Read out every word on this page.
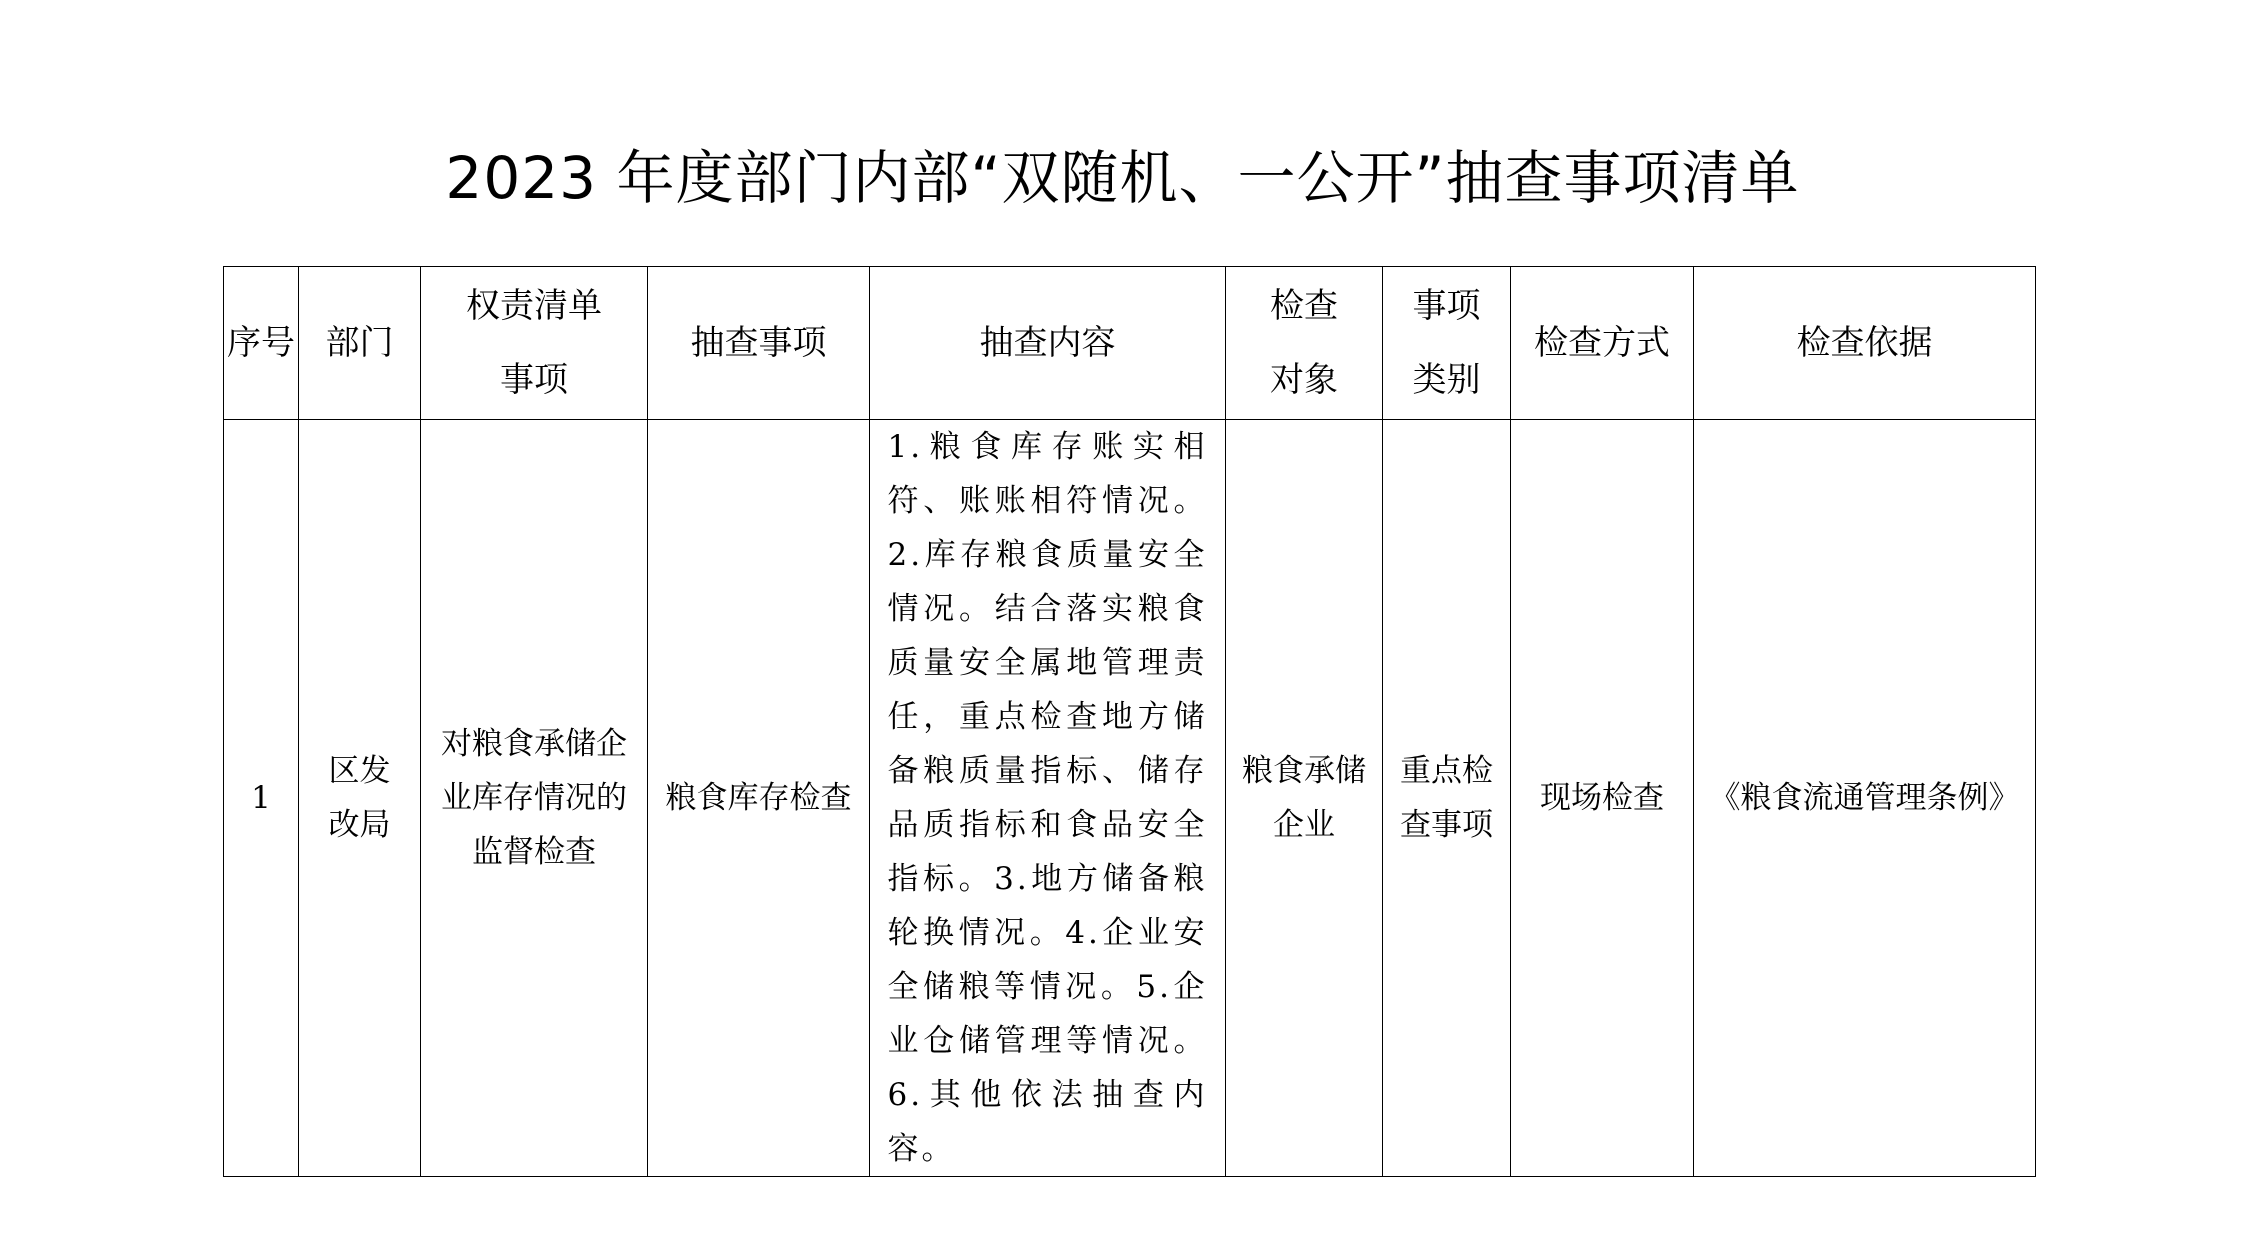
2023 年度部门内部“双随机、一公开”抽查事项清单
序号	部门	权责清单事项	抽查事项	抽查内容	检查对象	事项类别	检查方式	检查依据
1	区发改局	对粮食承储企业库存情况的监督检查	粮食库存检查	1.粮食库存账实相符、账账相符情况。2.库存粮食质量安全情况。结合落实粮食质量安全属地管理责任，重点检查地方储备粮质量指标、储存品质指标和食品安全指标。3.地方储备粮轮换情况。4.企业安全储粮等情况。5.企业仓储管理等情况。 6.其他依法抽查内容。	粮食承储企业	重点检查事项	现场检查	《粮食流通管理条例》
